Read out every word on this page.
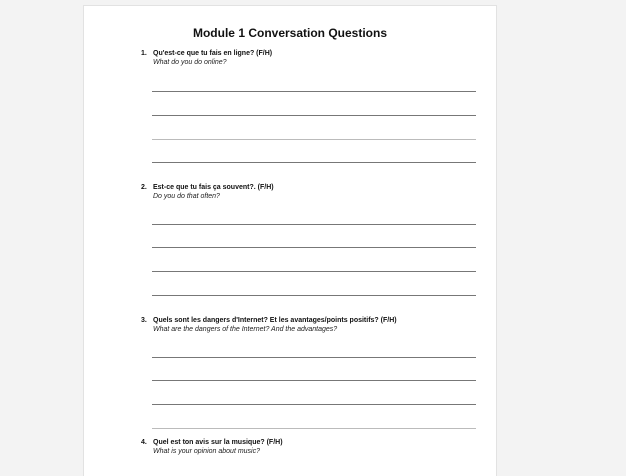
Module 1 Conversation Questions
1. Qu'est-ce que tu fais en ligne? (F/H)
What do you do online?
2. Est-ce que tu fais ça souvent?. (F/H)
Do you do that often?
3. Quels sont les dangers d'Internet? Et les avantages/points positifs? (F/H)
What are the dangers of the Internet? And the advantages?
4. Quel est ton avis sur la musique? (F/H)
What is your opinion about music?
